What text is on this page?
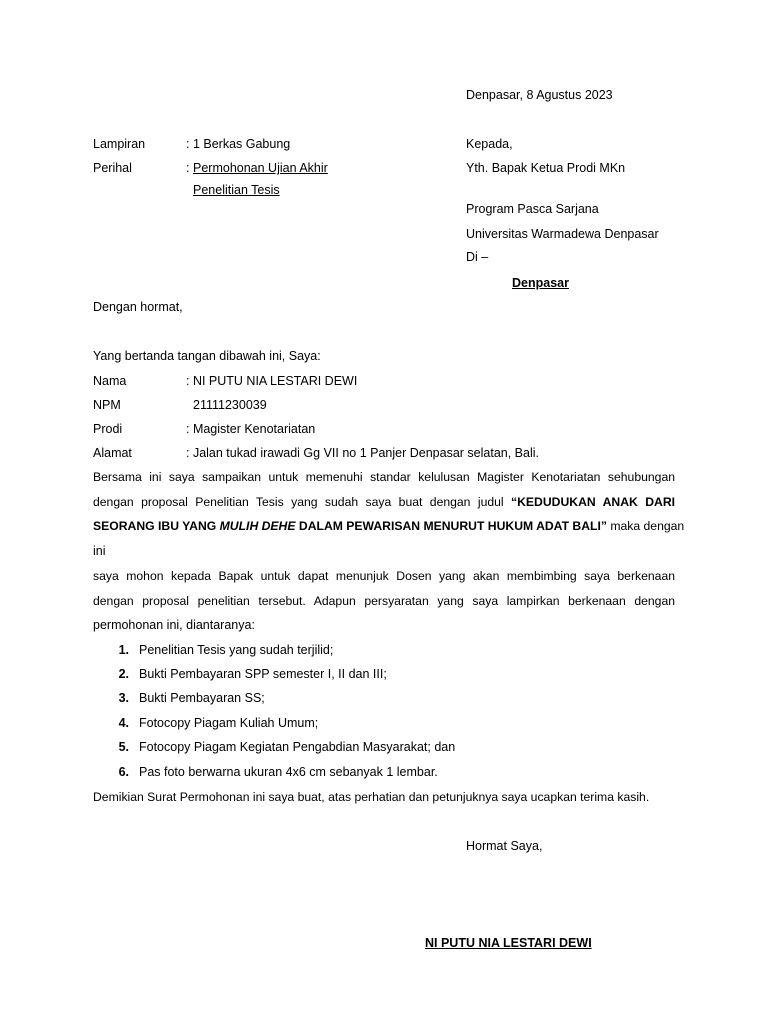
Denpasar, 8 Agustus 2023
Lampiran	: 1 Berkas Gabung
Perihal	: Permohonan Ujian Akhir
Penelitian Tesis
Kepada,
Yth. Bapak Ketua Prodi MKn
Program Pasca Sarjana
Universitas Warmadewa Denpasar
Di –
Denpasar
Dengan hormat,
Yang bertanda tangan dibawah ini, Saya:
Nama	: NI PUTU NIA LESTARI DEWI
NPM	21111230039
Prodi	: Magister Kenotariatan
Alamat	: Jalan tukad irawadi Gg VII no 1 Panjer Denpasar selatan, Bali.
Bersama ini saya sampaikan untuk memenuhi standar kelulusan Magister Kenotariatan sehubungan
dengan proposal Penelitian Tesis yang sudah saya buat dengan judul “KEDUDUKAN ANAK DARI
SEORANG IBU YANG MULIH DEHE DALAM PEWARISAN MENURUT HUKUM ADAT BALI” maka dengan
ini
saya mohon kepada Bapak untuk dapat menunjuk Dosen yang akan membimbing saya berkenaan
dengan proposal penelitian tersebut. Adapun persyaratan yang saya lampirkan berkenaan dengan
permohonan ini, diantaranya:
1. Penelitian Tesis yang sudah terjilid;
2. Bukti Pembayaran SPP semester I, II dan III;
3. Bukti Pembayaran SS;
4. Fotocopy Piagam Kuliah Umum;
5. Fotocopy Piagam Kegiatan Pengabdian Masyarakat; dan
6. Pas foto berwarna ukuran 4x6 cm sebanyak 1 lembar.
Demikian Surat Permohonan ini saya buat, atas perhatian dan petunjuknya saya ucapkan terima kasih.
Hormat Saya,
NI PUTU NIA LESTARI DEWI
